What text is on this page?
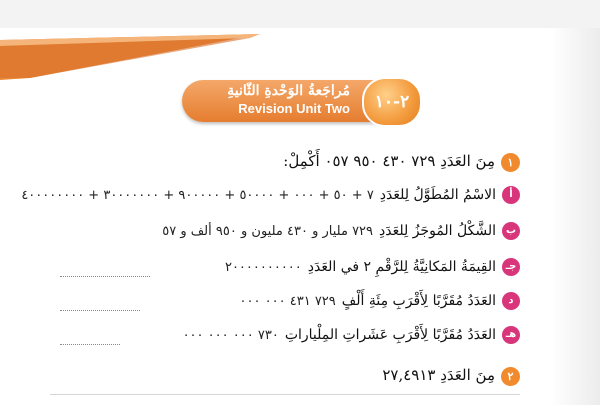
مُراجَعةُ الوَحْدةِ الثّانيةِ
Revision Unit Two	٢-١٠
١مِنَ العَدَدِ ٧٢٩ ٤٣٠ ٩٥٠ ٠٥٧ أَكْمِلْ:
أالاسْمُ المُطَوَّلُ لِلعَدَدِ٧ + ٥٠ + ٠٠٠ + ٥٠٠٠٠ + ٩٠٠٠٠٠ + ٣٠٠٠٠٠٠٠ + ٤٠٠٠٠٠٠٠٠
بالشَّكْلُ المُوجَزُ لِلعَدَدِ٧٢٩ مليار و ٤٣٠ مليون و ٩٥٠ ألف و ٥٧
جـالقِيمَةُ المَكانِيَّةُ لِلرَّقْمِ ٢ في العَدَدِ٢٠٠٠٠٠٠٠٠٠٠
دالعَدَدُ مُقَرَّبًا لِأَقْرَبِ مِئَةِ أَلْفٍ٧٢٩ ٤٣١ ٠٠٠ ٠٠٠
هـالعَدَدُ مُقَرَّبًا لِأَقْرَبِ عَشَراتِ المِلْياراتِ٧٣٠ ٠٠٠ ٠٠٠ ٠٠٠
٢مِنَ العَدَدِ ٢٧,٤٩١٣
